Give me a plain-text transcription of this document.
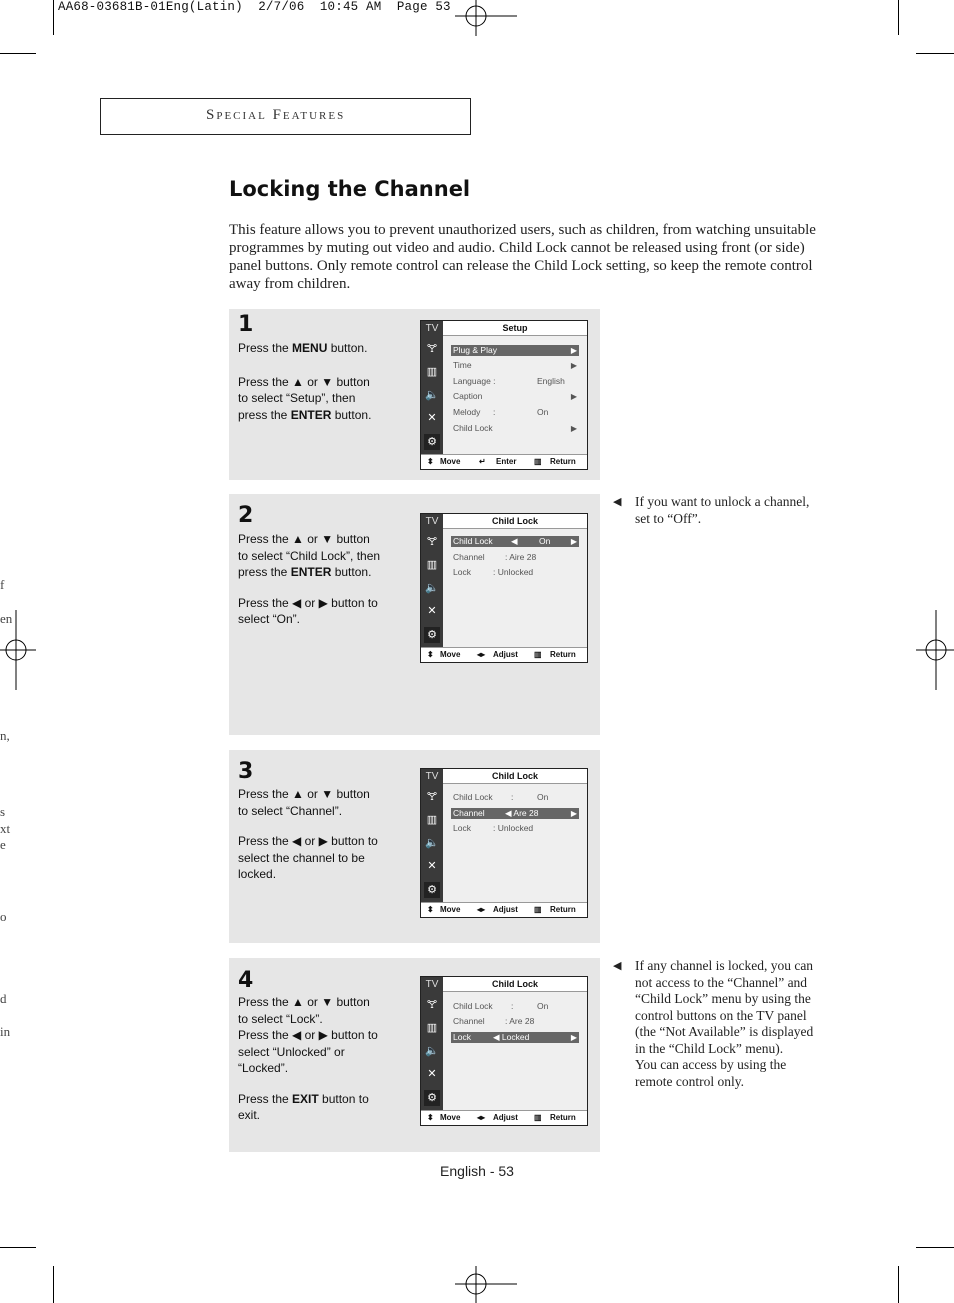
AA68-03681B-01Eng(Latin)  2/7/06  10:45 AM  Page 53
f
en
n,
s
xt
e
o
d
in
Special Features
Locking the Channel
This feature allows you to prevent unauthorized users, such as children, from watching unsuitable programmes by muting out video and audio. Child Lock cannot be released using front (or side) panel buttons. Only remote control can release the Child Lock setting, so keep the remote control away from children.
1

Press the MENU button.

Press the ▲ or ▼ button
to select “Setup”, then
press the ENTER button.

TV
🝖
▥
🔈
✕
⚙
Setup
Plug & Play	▶
Time	▶
Language :	English
Caption	▶
Melody :	On
Child Lock	▶
⬍ Move ↵ Enter ▥ Return
2

Press the ▲ or ▼ button
to select “Child Lock”, then
press the ENTER button.

Press the ◀ or ▶ button to
select “On”.

TV
🝖
▥
🔈
✕
⚙
Child Lock
Child Lock ◀	On	▶
Channel : Aire 28
Lock	: Unlocked
⬍ Move ◂▸ Adjust ▥ Return
3

Press the ▲ or ▼ button
to select “Channel”.

Press the ◀ or ▶ button to
select the channel to be
locked.

TV
🝖
▥
🔈
✕
⚙
Child Lock
Child Lock :	On
Channel ◀ Are 28	▶
Lock	: Unlocked
⬍ Move ◂▸ Adjust ▥ Return
4

Press the ▲ or ▼ button
to select “Lock”.
Press the ◀ or ▶ button to
select “Unlocked” or
“Locked”.

Press the EXIT button to
exit.

TV
🝖
▥
🔈
✕
⚙
Child Lock
Child Lock :	On
Channel : Are 28
Lock	◀ Locked	▶
⬍ Move ◂▸ Adjust ▥ Return
◀ If you want to unlock a channel,
set to “Off”.
◀ If any channel is locked, you can
not access to the “Channel” and
“Child Lock” menu by using the
control buttons on the TV panel
(the “Not Available” is displayed
in the “Child Lock” menu).
You can access by using the
remote control only.
English - 53
